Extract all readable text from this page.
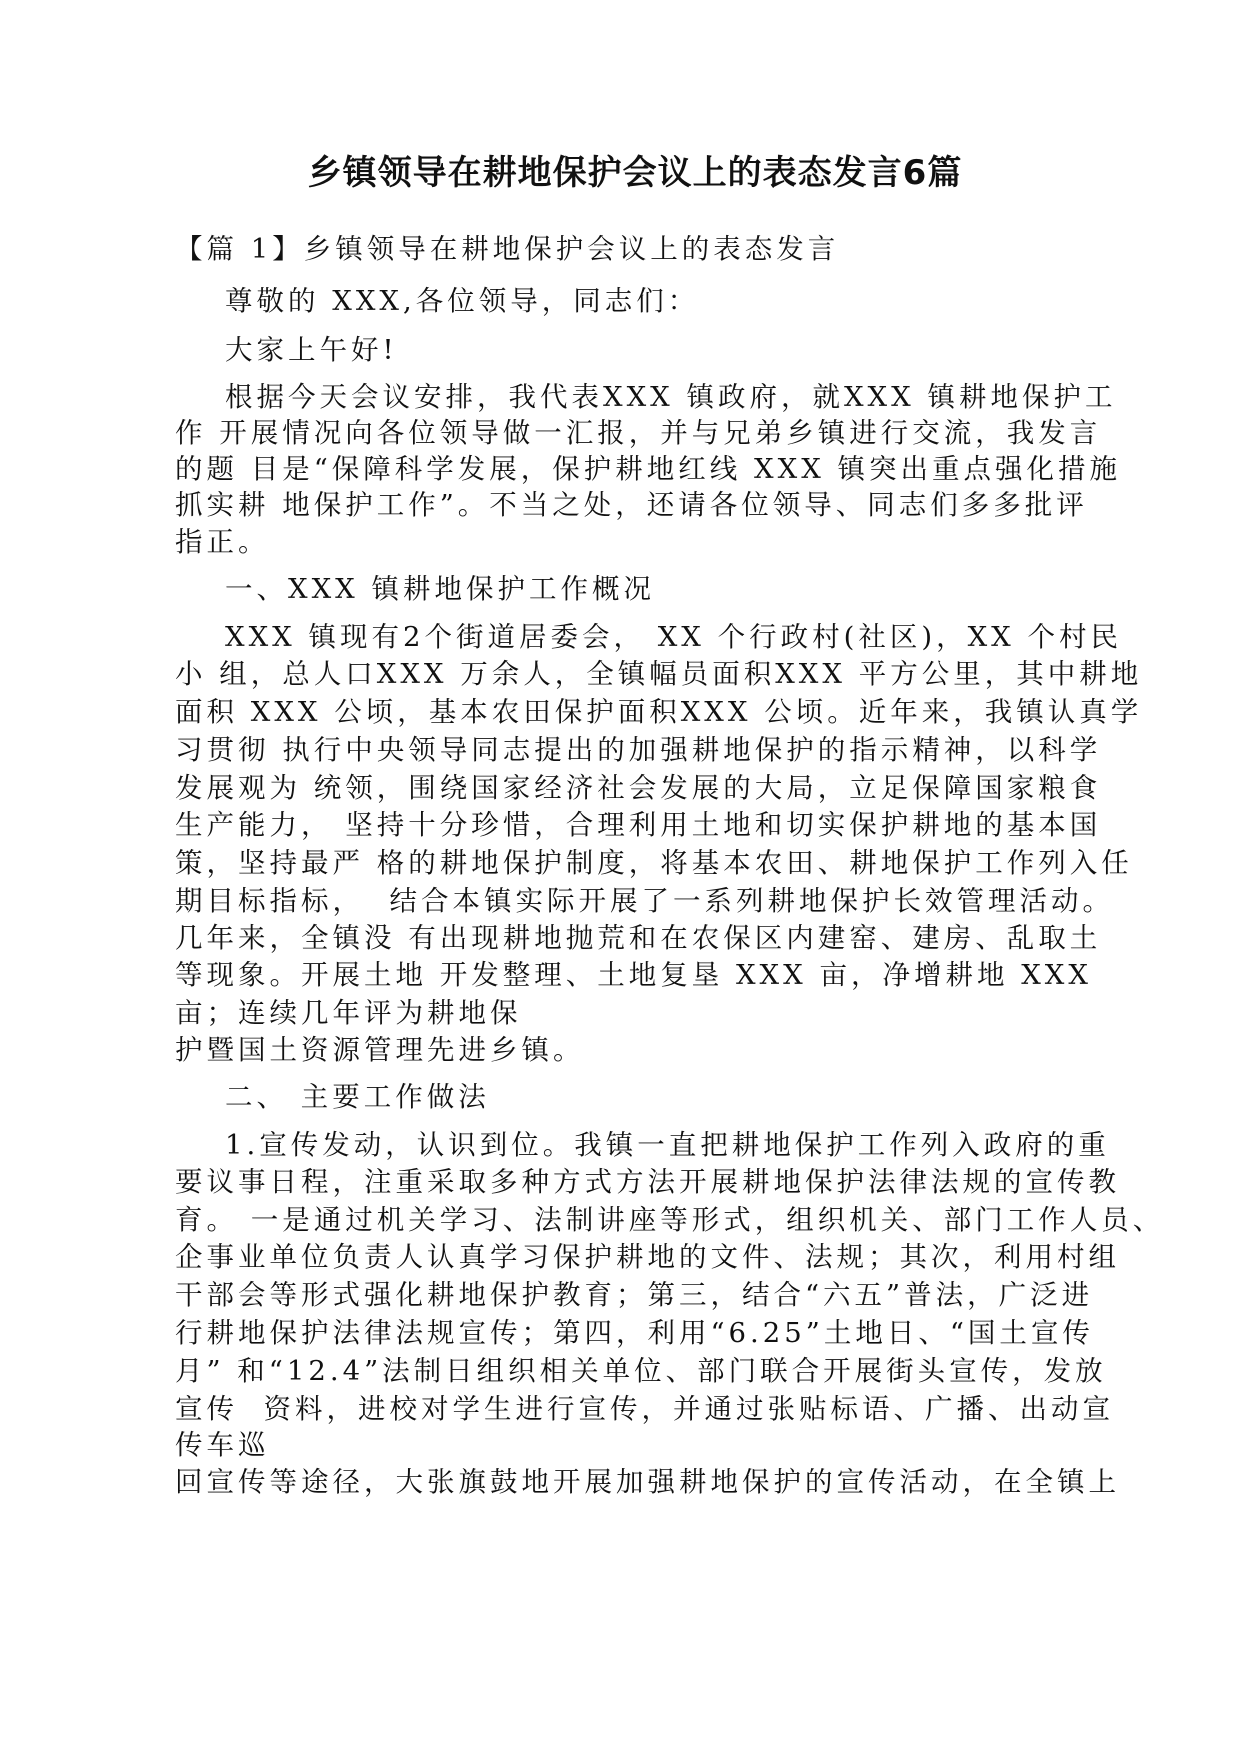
乡镇领导在耕地保护会议上的表态发言6篇

【篇 1】乡镇领导在耕地保护会议上的表态发言

尊敬的 XXX,各位领导，同志们：

大家上午好!

根据今天会议安排，我代表XXX 镇政府，就XXX 镇耕地保护工

作 开展情况向各位领导做一汇报，并与兄弟乡镇进行交流，我发言

的题 目是“保障科学发展，保护耕地红线 XXX 镇突出重点强化措施

抓实耕 地保护工作”。不当之处，还请各位领导、同志们多多批评

指正。

一、XXX 镇耕地保护工作概况

XXX 镇现有2个街道居委会， XX 个行政村(社区)，XX 个村民

小 组，总人口XXX 万余人，全镇幅员面积XXX 平方公里，其中耕地

面积 XXX 公顷，基本农田保护面积XXX 公顷。近年来，我镇认真学

习贯彻 执行中央领导同志提出的加强耕地保护的指示精神，以科学

发展观为 统领，围绕国家经济社会发展的大局，立足保障国家粮食

生产能力， 坚持十分珍惜，合理利用土地和切实保护耕地的基本国

策，坚持最严 格的耕地保护制度，将基本农田、耕地保护工作列入任

期目标指标，  结合本镇实际开展了一系列耕地保护长效管理活动。

几年来，全镇没 有出现耕地抛荒和在农保区内建窑、建房、乱取土

等现象。开展土地 开发整理、土地复垦 XXX 亩，净增耕地 XXX

亩；连续几年评为耕地保

护暨国土资源管理先进乡镇。

二、 主要工作做法

1.宣传发动，认识到位。我镇一直把耕地保护工作列入政府的重

要议事日程，注重采取多种方式方法开展耕地保护法律法规的宣传教

育。 一是通过机关学习、法制讲座等形式，组织机关、部门工作人员、

企事业单位负责人认真学习保护耕地的文件、法规；其次，利用村组

干部会等形式强化耕地保护教育；第三，结合“六五”普法，广泛进

行耕地保护法律法规宣传；第四，利用“6.25”土地日、“国土宣传

月” 和“12.4”法制日组织相关单位、部门联合开展街头宣传，发放

宣传  资料，进校对学生进行宣传，并通过张贴标语、广播、出动宣

传车巡

回宣传等途径，大张旗鼓地开展加强耕地保护的宣传活动，在全镇上
